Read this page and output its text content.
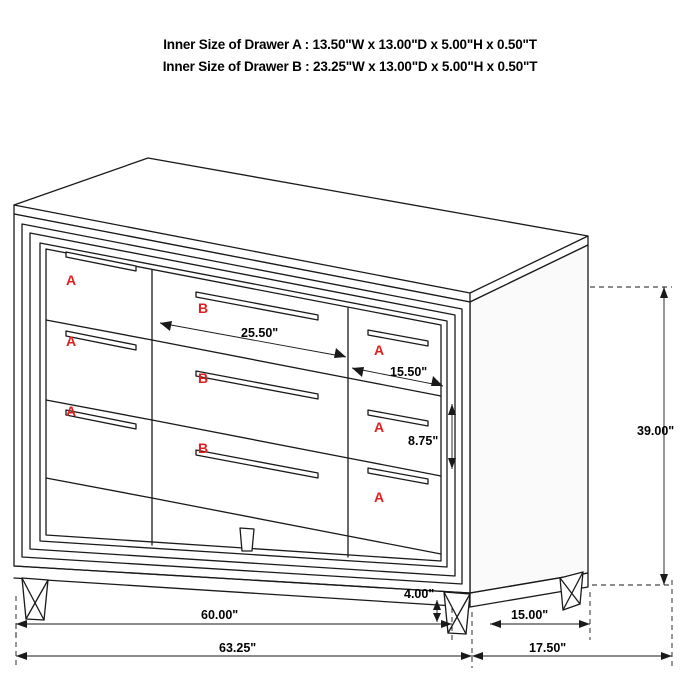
Inner Size of Drawer A : 13.50"W x 13.00"D x 5.00"H x 0.50"T
Inner Size of Drawer B : 23.25"W x 13.00"D x 5.00"H x 0.50"T
A
A
A
B
B
B
A
A
A
25.50"
15.50"
8.75"
39.00"
60.00"	15.00"
63.25"	17.50"
4.00"
